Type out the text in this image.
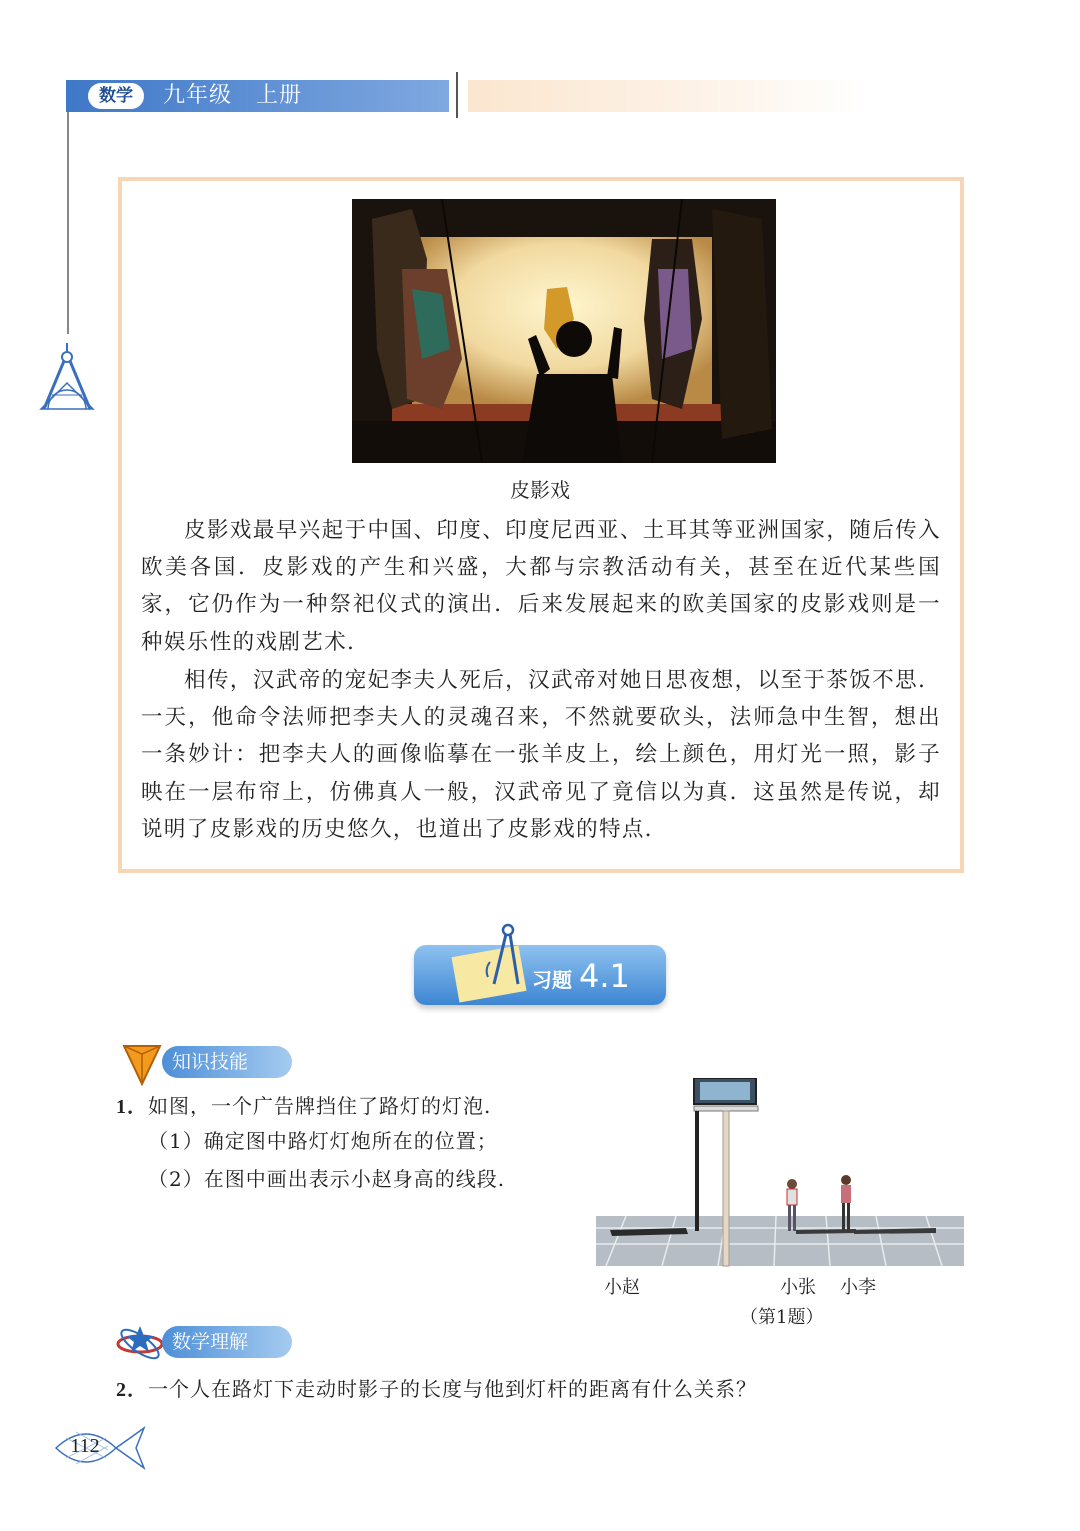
数学	九年级   上册
皮影戏

皮影戏最早兴起于中国、印度、印度尼西亚、土耳其等亚洲国家，随后传入欧美各国．皮影戏的产生和兴盛，大都与宗教活动有关，甚至在近代某些国家，它仍作为一种祭祀仪式的演出．后来发展起来的欧美国家的皮影戏则是一种娱乐性的戏剧艺术．

相传，汉武帝的宠妃李夫人死后，汉武帝对她日思夜想，以至于茶饭不思．一天，他命令法师把李夫人的灵魂召来，不然就要砍头，法师急中生智，想出一条妙计：把李夫人的画像临摹在一张羊皮上，绘上颜色，用灯光一照，影子映在一层布帘上，仿佛真人一般，汉武帝见了竟信以为真．这虽然是传说，却说明了皮影戏的历史悠久，也道出了皮影戏的特点．

习题 4.1
知识技能
1．如图，一个广告牌挡住了路灯的灯泡.
（1）确定图中路灯灯炮所在的位置；
（2）在图中画出表示小赵身高的线段.
小赵	小张 小李
（第1题）
数学理解
2．一个人在路灯下走动时影子的长度与他到灯杆的距离有什么关系？
112
